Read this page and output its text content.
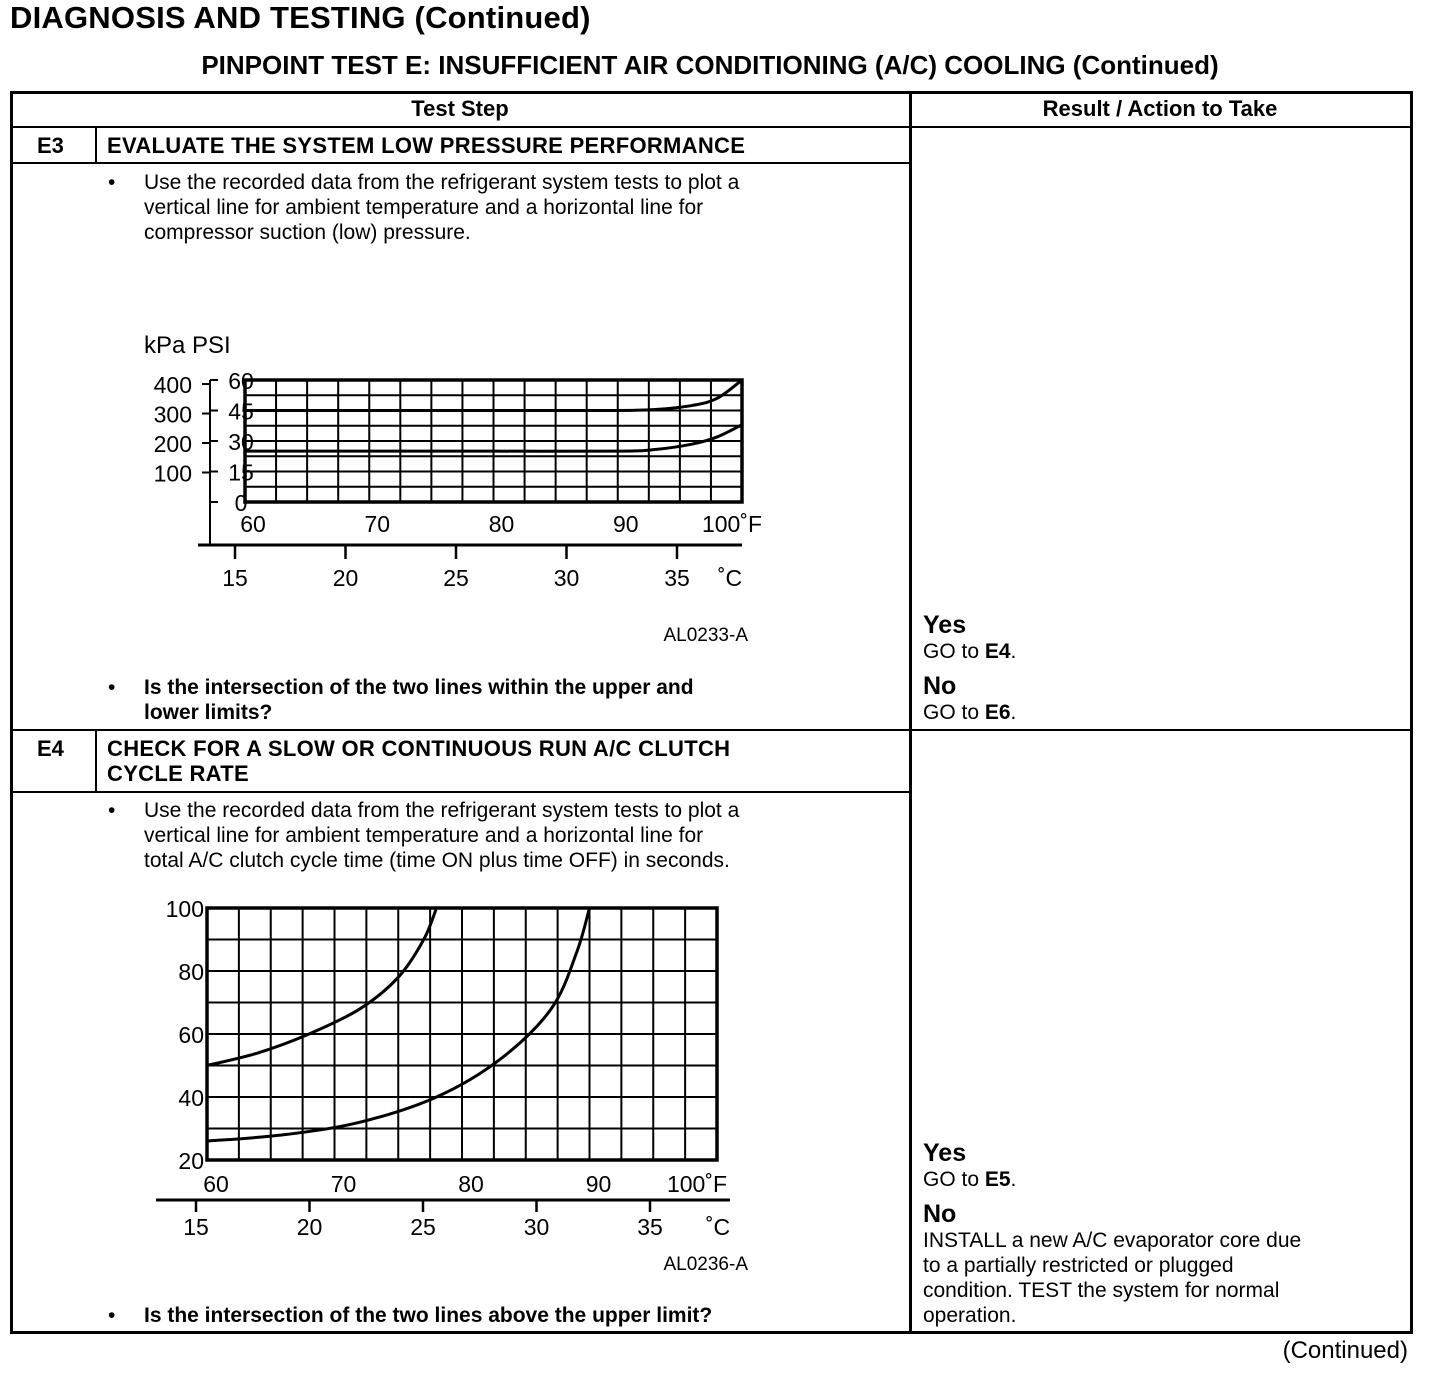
DIAGNOSIS AND TESTING (Continued)
PINPOINT TEST E: INSUFFICIENT AIR CONDITIONING (A/C) COOLING (Continued)
Test Step	Result / Action to Take
E3 EVALUATE THE SYSTEM LOW PRESSURE PERFORMANCE
• Use the recorded data from the refrigerant system tests to plot a
vertical line for ambient temperature and a horizontal line for
compressor suction (low) pressure.
kPa PSI
60
45
30
15
0
400
300
200
100
60	70	80	90	100˚F
15	20	25	30	35 ˚C
AL0233-A
• Is the intersection of the two lines within the upper and
lower limits?
Yes
GO to E4.
No
GO to E6.
E4 CHECK FOR A SLOW OR CONTINUOUS RUN A/C CLUTCH
CYCLE RATE
• Use the recorded data from the refrigerant system tests to plot a
vertical line for ambient temperature and a horizontal line for
total A/C clutch cycle time (time ON plus time OFF) in seconds.
100
80
60
40
20
60	70	80	90 100˚F
15	20	25	30	35 ˚C
AL0236-A
• Is the intersection of the two lines above the upper limit?
Yes
GO to E5.
No
INSTALL a new A/C evaporator core due
to a partially restricted or plugged
condition. TEST the system for normal
operation.
(Continued)
